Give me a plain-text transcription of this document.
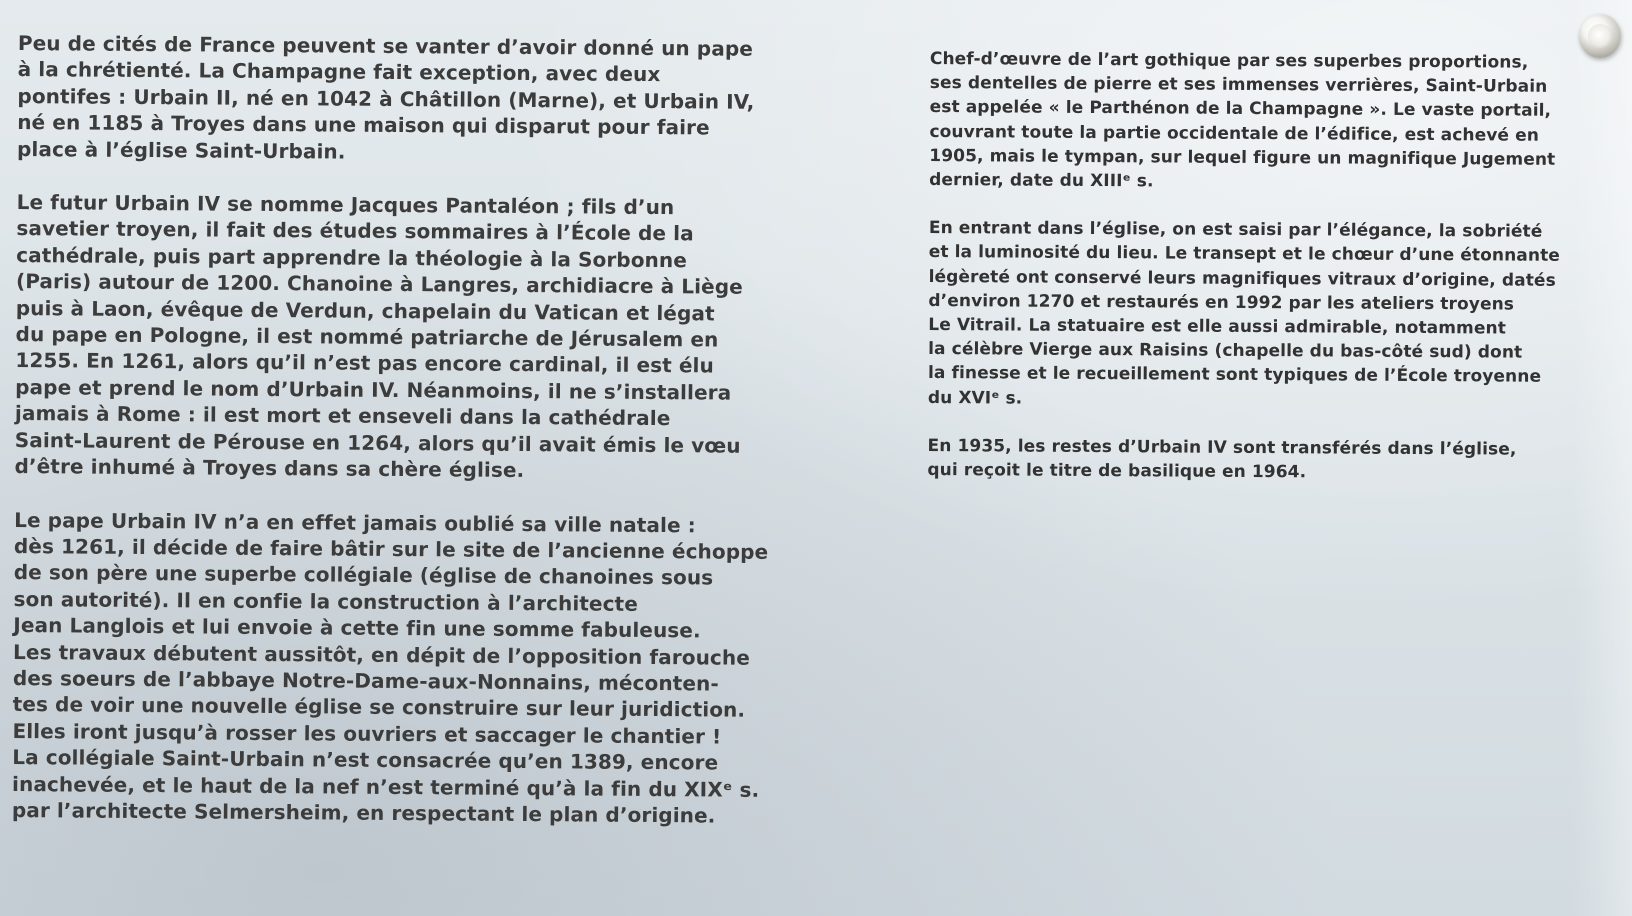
Peu de cités de France peuvent se vanter d’avoir donné un pape
à la chrétienté. La Champagne fait exception, avec deux
pontifes : Urbain II, né en 1042 à Châtillon (Marne), et Urbain IV,
né en 1185 à Troyes dans une maison qui disparut pour faire
place à l’église Saint-Urbain.

Le futur Urbain IV se nomme Jacques Pantaléon ; fils d’un
savetier troyen, il fait des études sommaires à l’École de la
cathédrale, puis part apprendre la théologie à la Sorbonne
(Paris) autour de 1200. Chanoine à Langres, archidiacre à Liège
puis à Laon, évêque de Verdun, chapelain du Vatican et légat
du pape en Pologne, il est nommé patriarche de Jérusalem en
1255. En 1261, alors qu’il n’est pas encore cardinal, il est élu
pape et prend le nom d’Urbain IV. Néanmoins, il ne s’installera
jamais à Rome : il est mort et enseveli dans la cathédrale
Saint-Laurent de Pérouse en 1264, alors qu’il avait émis le vœu
d’être inhumé à Troyes dans sa chère église.

Le pape Urbain IV n’a en effet jamais oublié sa ville natale :
dès 1261, il décide de faire bâtir sur le site de l’ancienne échoppe
de son père une superbe collégiale (église de chanoines sous
son autorité). Il en confie la construction à l’architecte
Jean Langlois et lui envoie à cette fin une somme fabuleuse.
Les travaux débutent aussitôt, en dépit de l’opposition farouche
des soeurs de l’abbaye Notre-Dame-aux-Nonnains, méconten-
tes de voir une nouvelle église se construire sur leur juridiction.
Elles iront jusqu’à rosser les ouvriers et saccager le chantier !
La collégiale Saint-Urbain n’est consacrée qu’en 1389, encore
inachevée, et le haut de la nef n’est terminé qu’à la fin du XIXᵉ s.
par l’architecte Selmersheim, en respectant le plan d’origine.

Chef-d’œuvre de l’art gothique par ses superbes proportions,
ses dentelles de pierre et ses immenses verrières, Saint-Urbain
est appelée « le Parthénon de la Champagne ». Le vaste portail,
couvrant toute la partie occidentale de l’édifice, est achevé en
1905, mais le tympan, sur lequel figure un magnifique Jugement
dernier, date du XIIIᵉ s.

En entrant dans l’église, on est saisi par l’élégance, la sobriété
et la luminosité du lieu. Le transept et le chœur d’une étonnante
légèreté ont conservé leurs magnifiques vitraux d’origine, datés
d’environ 1270 et restaurés en 1992 par les ateliers troyens
Le Vitrail. La statuaire est elle aussi admirable, notamment
la célèbre Vierge aux Raisins (chapelle du bas-côté sud) dont
la finesse et le recueillement sont typiques de l’École troyenne
du XVIᵉ s.

En 1935, les restes d’Urbain IV sont transférés dans l’église,
qui reçoit le titre de basilique en 1964.
